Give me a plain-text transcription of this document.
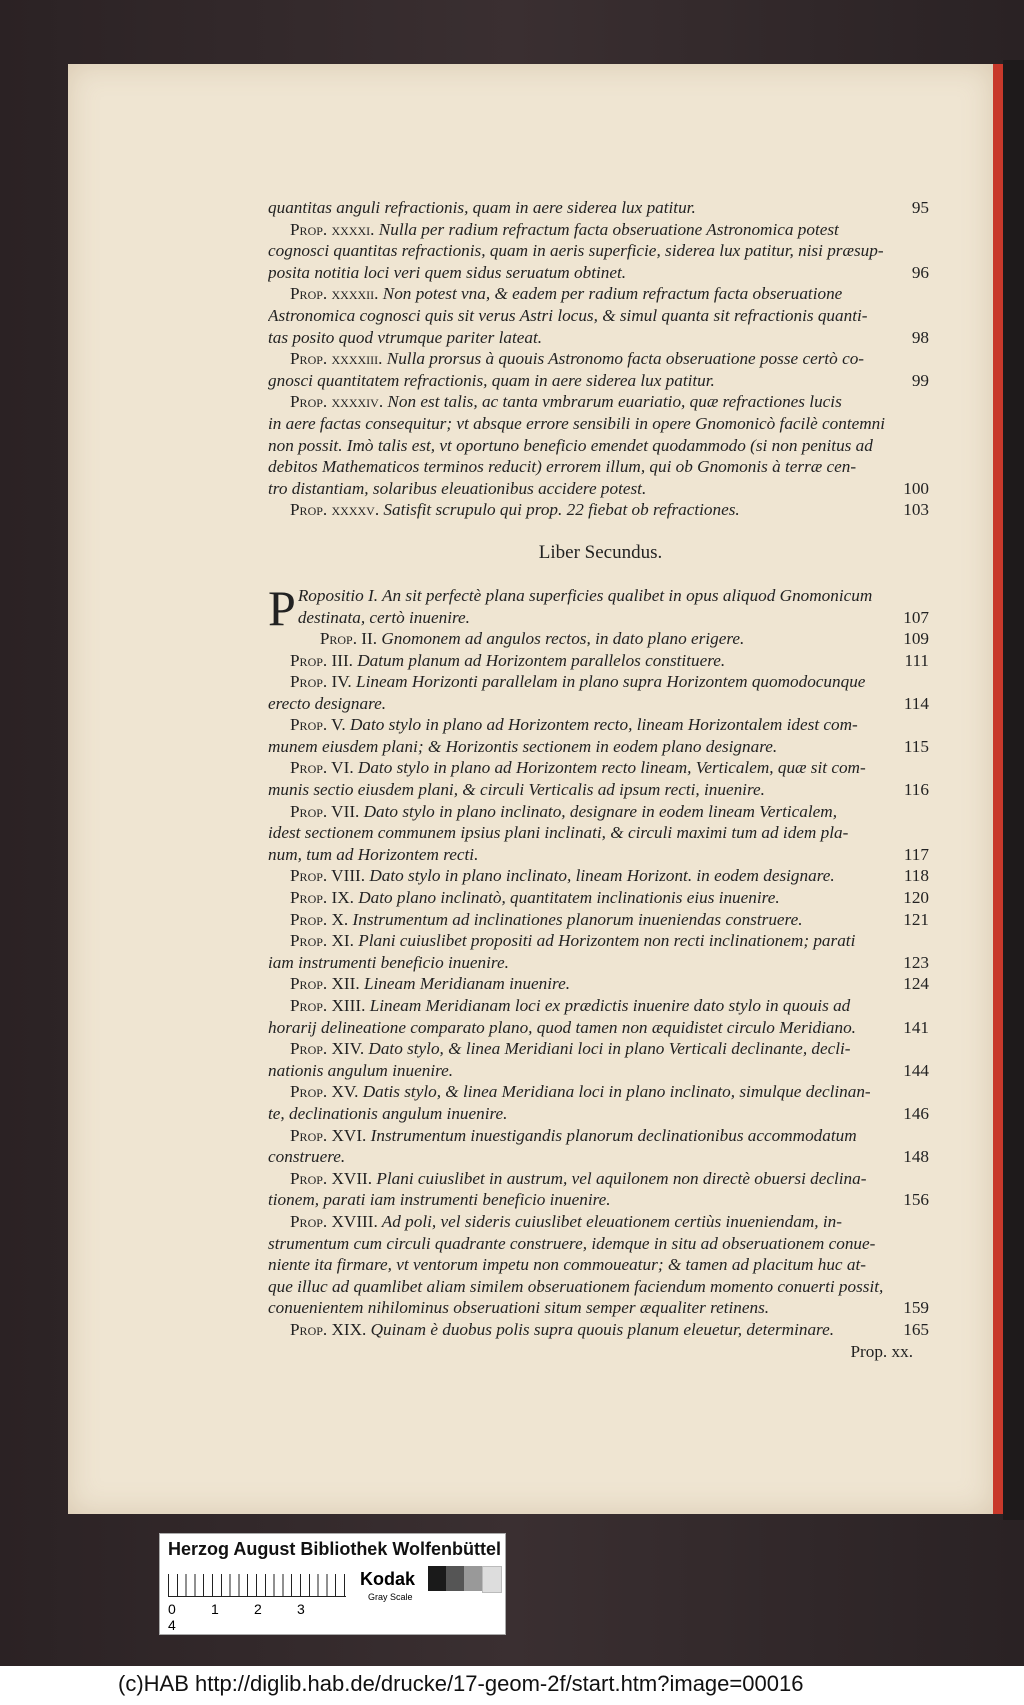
quantitas anguli refractionis, quam in aere siderea lux patitur.	95
Prop. xxxxi. Nulla per radium refractum facta obseruatione Astronomica potest
cognosci quantitas refractionis, quam in aeris superficie, siderea lux patitur, nisi præsup-
posita notitia loci veri quem sidus seruatum obtinet.	96
Prop. xxxxii. Non potest vna, & eadem per radium refractum facta obseruatione
Astronomica cognosci quis sit verus Astri locus, & simul quanta sit refractionis quanti-
tas posito quod vtrumque pariter lateat.	98
Prop. xxxxiii. Nulla prorsus à quouis Astronomo facta obseruatione posse certò co-
gnosci quantitatem refractionis, quam in aere siderea lux patitur.	99
Prop. xxxxiv. Non est talis, ac tanta vmbrarum euariatio, quæ refractiones lucis
in aere factas consequitur; vt absque errore sensibili in opere Gnomonicò facilè contemni
non possit. Imò talis est, vt oportuno beneficio emendet quodammodo (si non penitus ad
debitos Mathematicos terminos reducit) errorem illum, qui ob Gnomonis à terræ cen-
tro distantiam, solaribus eleuationibus accidere potest.	100
Prop. xxxxv. Satisfit scrupulo qui prop. 22 fiebat ob refractiones.	103
Liber Secundus.
P Ropositio I. An sit perfectè plana superficies qualibet in opus aliquod Gnomonicum
destinata, certò inuenire.	107
Prop. II. Gnomonem ad angulos rectos, in dato plano erigere.	109
Prop. III. Datum planum ad Horizontem parallelos constituere.	111
Prop. IV. Lineam Horizonti parallelam in plano supra Horizontem quomodocunque
erecto designare.	114
Prop. V. Dato stylo in plano ad Horizontem recto, lineam Horizontalem idest com-
munem eiusdem plani; & Horizontis sectionem in eodem plano designare.	115
Prop. VI. Dato stylo in plano ad Horizontem recto lineam, Verticalem, quæ sit com-
munis sectio eiusdem plani, & circuli Verticalis ad ipsum recti, inuenire.	116
Prop. VII. Dato stylo in plano inclinato, designare in eodem lineam Verticalem,
idest sectionem communem ipsius plani inclinati, & circuli maximi tum ad idem pla-
num, tum ad Horizontem recti.	117
Prop. VIII. Dato stylo in plano inclinato, lineam Horizont. in eodem designare.	118
Prop. IX. Dato plano inclinatò, quantitatem inclinationis eius inuenire.	120
Prop. X. Instrumentum ad inclinationes planorum inueniendas construere.	121
Prop. XI. Plani cuiuslibet propositi ad Horizontem non recti inclinationem; parati
iam instrumenti beneficio inuenire.	123
Prop. XII. Lineam Meridianam inuenire.	124
Prop. XIII. Lineam Meridianam loci ex prædictis inuenire dato stylo in quouis ad
horarij delineatione comparato plano, quod tamen non æquidistet circulo Meridiano.	141
Prop. XIV. Dato stylo, & linea Meridiani loci in plano Verticali declinante, decli-
nationis angulum inuenire.	144
Prop. XV. Datis stylo, & linea Meridiana loci in plano inclinato, simulque declinan-
te, declinationis angulum inuenire.	146
Prop. XVI. Instrumentum inuestigandis planorum declinationibus accommodatum
construere.	148
Prop. XVII. Plani cuiuslibet in austrum, vel aquilonem non directè obuersi declina-
tionem, parati iam instrumenti beneficio inuenire.	156
Prop. XVIII. Ad poli, vel sideris cuiuslibet eleuationem certiùs inueniendam, in-
strumentum cum circuli quadrante construere, idemque in situ ad obseruationem conue-
niente ita firmare, vt ventorum impetu non commoueatur; & tamen ad placitum huc at-
que illuc ad quamlibet aliam similem obseruationem faciendum momento conuerti possit,
conuenientem nihilominus obseruationi situm semper æqualiter retinens.	159
Prop. XIX. Quinam è duobus polis supra quouis planum eleuetur, determinare.	165
Prop. xx.
Herzog August Bibliothek Wolfenbüttel
0	1	2	34
Kodak
Gray Scale
(c)HAB http://diglib.hab.de/drucke/17-geom-2f/start.htm?image=00016
